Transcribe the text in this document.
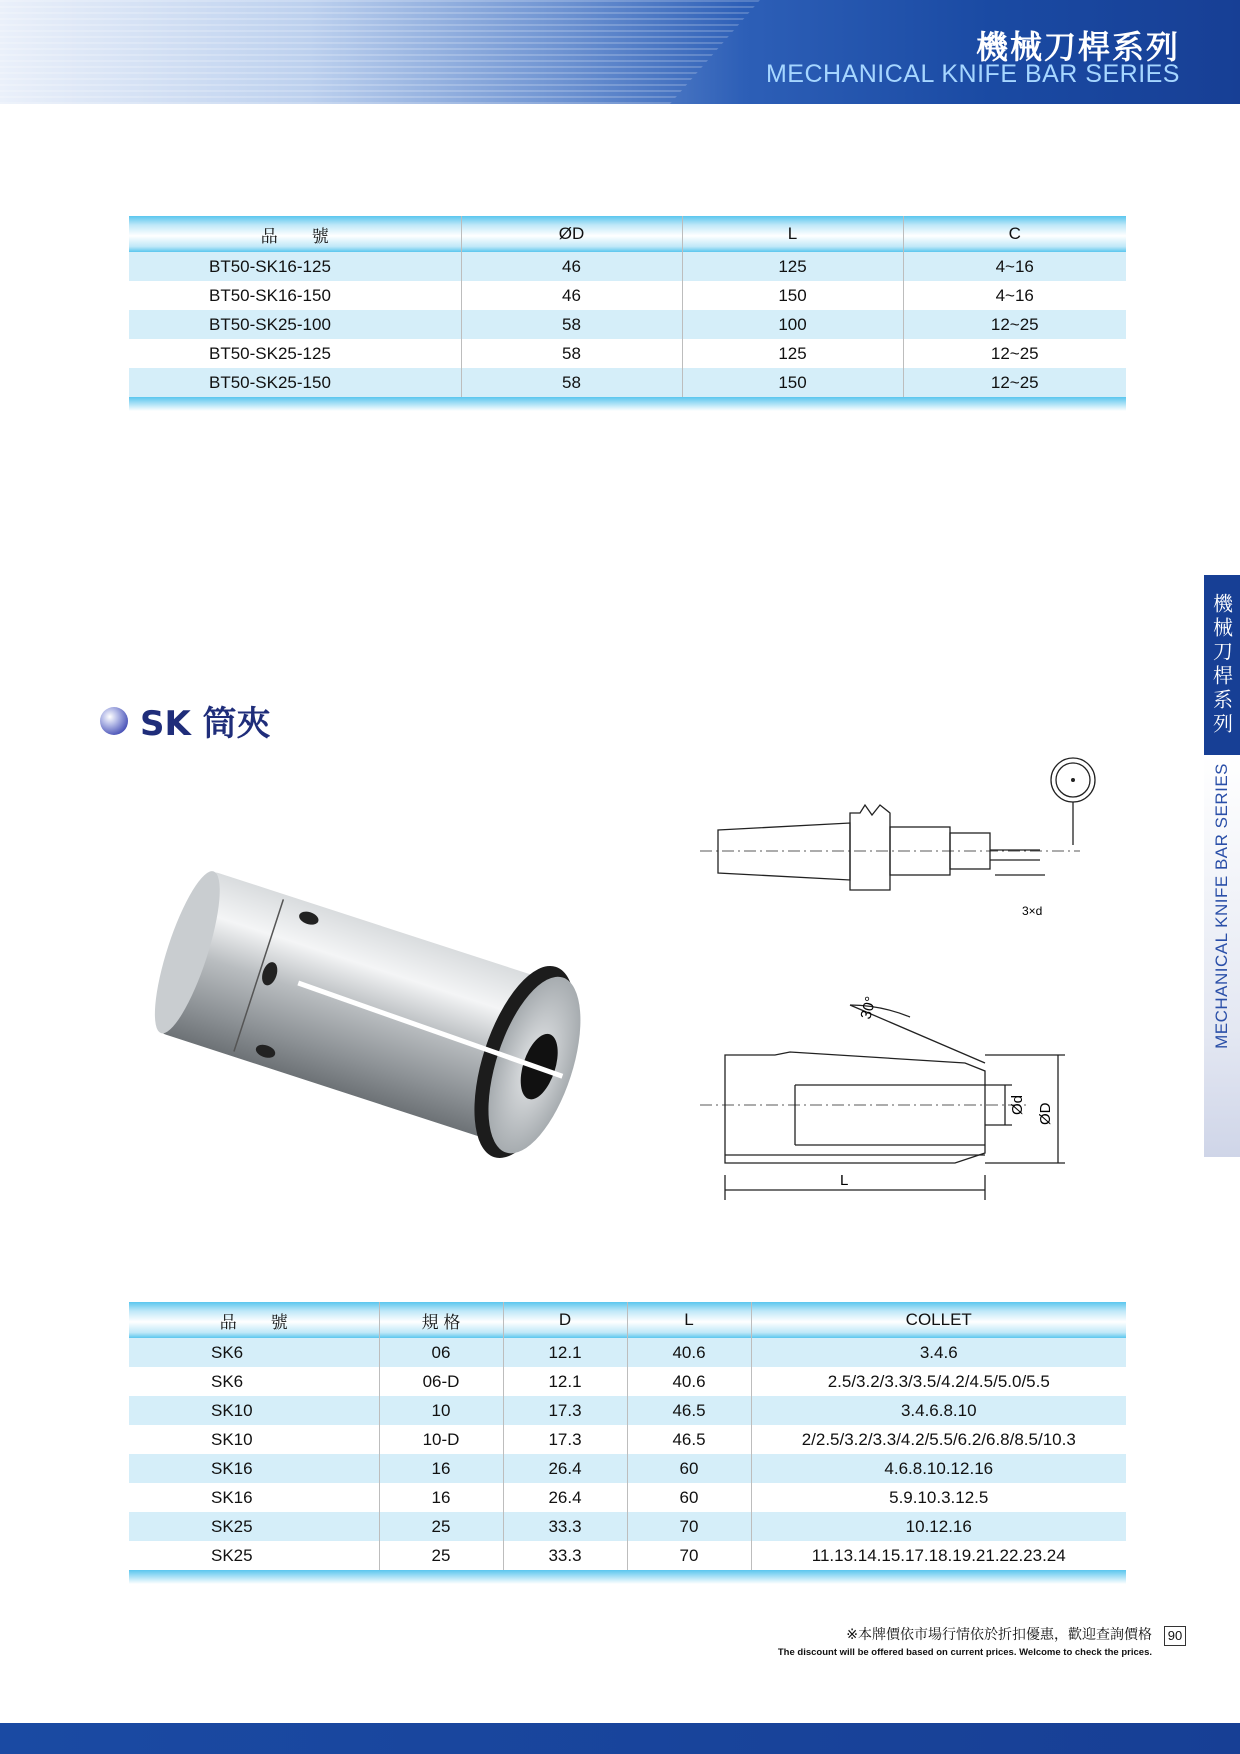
機械刀桿系列
MECHANICAL KNIFE BAR SERIES
機械刀桿系列
MECHANICAL KNIFE BAR SERIES
品　　號	ØD	L	C
BT50-SK16-125	46	125	4~16
BT50-SK16-150	46	150	4~16
BT50-SK25-100	58	100	12~25
BT50-SK25-125	58	125	12~25
BT50-SK25-150	58	150	12~25

SK 筒夾
3×d
L
Ød ØD
30°
品　　號	規 格	D	L	COLLET
SK6	06	12.1	40.6	3.4.6
SK6	06-D	12.1	40.6	2.5/3.2/3.3/3.5/4.2/4.5/5.0/5.5
SK10	10	17.3	46.5	3.4.6.8.10
SK10	10-D	17.3	46.5	2/2.5/3.2/3.3/4.2/5.5/6.2/6.8/8.5/10.3
SK16	16	26.4	60	4.6.8.10.12.16
SK16	16	26.4	60	5.9.10.3.12.5
SK25	25	33.3	70	10.12.16
SK25	25	33.3	70	11.13.14.15.17.18.19.21.22.23.24

※本牌價依市場行情依於折扣優惠，歡迎查詢價格
The discount will be offered based on current prices. Welcome to check the prices.
90
